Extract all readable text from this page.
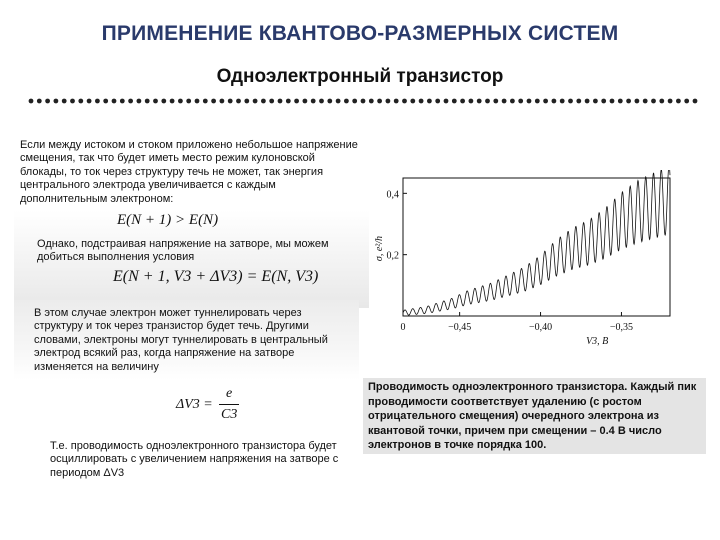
ПРИМЕНЕНИЕ КВАНТОВО-РАЗМЕРНЫХ СИСТЕМ
Одноэлектронный транзистор
Если между истоком и стоком приложено небольшое напряжение смещения, так что будет иметь место режим кулоновской блокады, то ток через структуру течь не может, так энергия центрального электрода увеличивается с каждым дополнительным электроном:
E(N + 1) > E(N)
Однако, подстраивая напряжение на затворе, мы можем добиться выполнения условия
E(N + 1, V3 + ΔV3) = E(N, V3)
В этом случае электрон может туннелировать через структуру и ток через транзистор будет течь. Другими словами, электроны могут туннелировать в центральный электрод всякий раз, когда напряжение на затворе изменяется на величину
ΔV3 =
e
C3
Т.е. проводимость одноэлектронного транзистора будет осциллировать с увеличением напряжения на затворе с периодом ΔV3
0	−0,45	−0,40	−0,35
0,2
0,4
V3, В
σ, e²/h
Проводимость одноэлектронного транзистора. Каждый пик проводимости соответствует удалению (с ростом отрицательного смещения) очередного электрона из квантовой точки, причем при смещении – 0.4 В число электронов в точке порядка 100.
